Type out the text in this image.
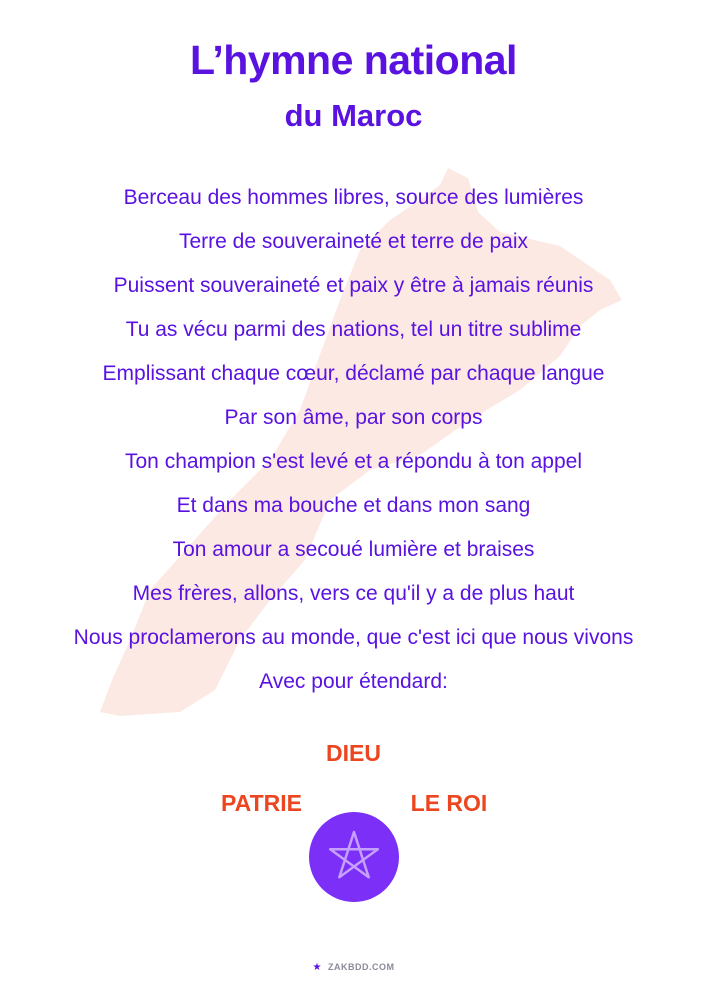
L’hymne national
du Maroc
Berceau des hommes libres, source des lumières
Terre de souveraineté et terre de paix
Puissent souveraineté et paix y être à jamais réunis
Tu as vécu parmi des nations, tel un titre sublime
Emplissant chaque cœur, déclamé par chaque langue
Par son âme, par son corps
Ton champion s'est levé et a répondu à ton appel
Et dans ma bouche et dans mon sang
Ton amour a secoué lumière et braises
Mes frères, allons, vers ce qu'il y a de plus haut
Nous proclamerons au monde, que c'est ici que nous vivons
Avec pour étendard:
DIEU
PATRIE	LE ROI
★ ZAKBDD.COM
